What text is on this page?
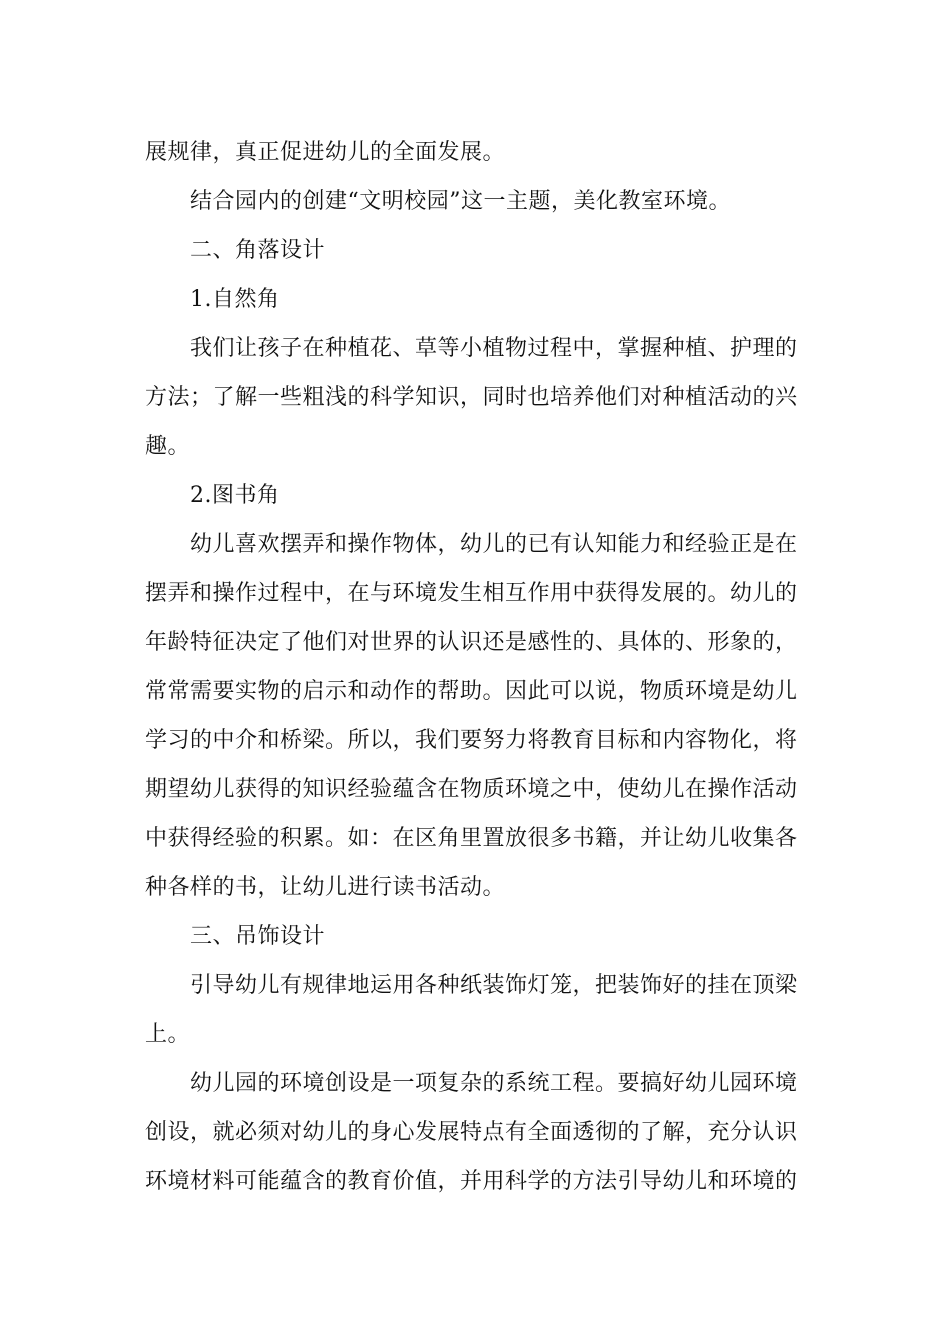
展规律，真正促进幼儿的全面发展。

结合园内的创建“文明校园”这一主题，美化教室环境。

二、角落设计

1.自然角

我们让孩子在种植花、草等小植物过程中，掌握种植、护理的

方法；了解一些粗浅的科学知识，同时也培养他们对种植活动的兴

趣。

2.图书角

幼儿喜欢摆弄和操作物体，幼儿的已有认知能力和经验正是在

摆弄和操作过程中，在与环境发生相互作用中获得发展的。幼儿的

年龄特征决定了他们对世界的认识还是感性的、具体的、形象的，

常常需要实物的启示和动作的帮助。因此可以说，物质环境是幼儿

学习的中介和桥梁。所以，我们要努力将教育目标和内容物化，将

期望幼儿获得的知识经验蕴含在物质环境之中，使幼儿在操作活动

中获得经验的积累。如：在区角里置放很多书籍，并让幼儿收集各

种各样的书，让幼儿进行读书活动。

三、吊饰设计

引导幼儿有规律地运用各种纸装饰灯笼，把装饰好的挂在顶梁

上。

幼儿园的环境创设是一项复杂的系统工程。要搞好幼儿园环境

创设，就必须对幼儿的身心发展特点有全面透彻的了解，充分认识

环境材料可能蕴含的教育价值，并用科学的方法引导幼儿和环境的
